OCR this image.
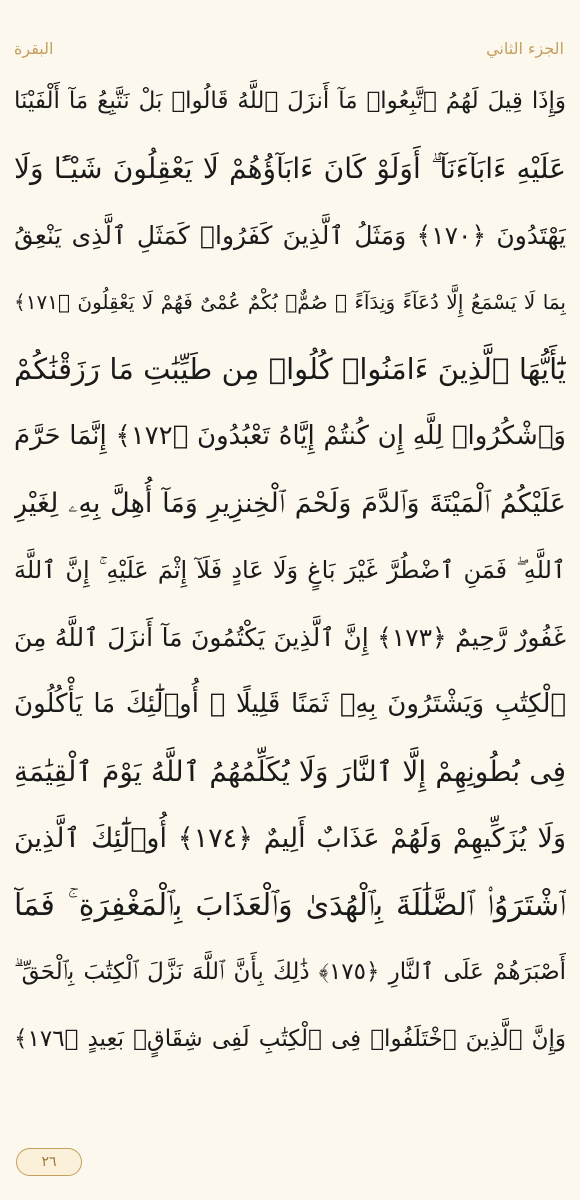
البقرة	الجزء الثاني
وَإِذَا قِيلَ لَهُمُ ٱتَّبِعُوا۟ مَآ أَنزَلَ ٱللَّهُ قَالُوا۟ بَلْ نَتَّبِعُ مَآ أَلْفَيْنَا
عَلَيْهِ ءَابَآءَنَآ ۗ أَوَلَوْ كَانَ ءَابَآؤُهُمْ لَا يَعْقِلُونَ شَيْـًٔا وَلَا
يَهْتَدُونَ ﴿١٧٠﴾ وَمَثَلُ ٱلَّذِينَ كَفَرُوا۟ كَمَثَلِ ٱلَّذِى يَنْعِقُ
بِمَا لَا يَسْمَعُ إِلَّا دُعَآءً وَنِدَآءً ۚ صُمٌّۢ بُكْمٌ عُمْىٌ فَهُمْ لَا يَعْقِلُونَ ﴿١٧١﴾
يَٰٓأَيُّهَا ٱلَّذِينَ ءَامَنُوا۟ كُلُوا۟ مِن طَيِّبَٰتِ مَا رَزَقْنَٰكُمْ
وَٱشْكُرُوا۟ لِلَّهِ إِن كُنتُمْ إِيَّاهُ تَعْبُدُونَ ﴿١٧٢﴾ إِنَّمَا حَرَّمَ
عَلَيْكُمُ ٱلْمَيْتَةَ وَٱلدَّمَ وَلَحْمَ ٱلْخِنزِيرِ وَمَآ أُهِلَّ بِهِۦ لِغَيْرِ
ٱللَّهِ ۖ فَمَنِ ٱضْطُرَّ غَيْرَ بَاغٍ وَلَا عَادٍ فَلَآ إِثْمَ عَلَيْهِ ۚ إِنَّ ٱللَّهَ
غَفُورٌ رَّحِيمٌ ﴿١٧٣﴾ إِنَّ ٱلَّذِينَ يَكْتُمُونَ مَآ أَنزَلَ ٱللَّهُ مِنَ
ٱلْكِتَٰبِ وَيَشْتَرُونَ بِهِۦ ثَمَنًا قَلِيلًا ۙ أُو۟لَٰٓئِكَ مَا يَأْكُلُونَ
فِى بُطُونِهِمْ إِلَّا ٱلنَّارَ وَلَا يُكَلِّمُهُمُ ٱللَّهُ يَوْمَ ٱلْقِيَٰمَةِ
وَلَا يُزَكِّيهِمْ وَلَهُمْ عَذَابٌ أَلِيمٌ ﴿١٧٤﴾ أُو۟لَٰٓئِكَ ٱلَّذِينَ
ٱشْتَرَوُا۟ ٱلضَّلَٰلَةَ بِٱلْهُدَىٰ وَٱلْعَذَابَ بِٱلْمَغْفِرَةِ ۚ فَمَآ
أَصْبَرَهُمْ عَلَى ٱلنَّارِ ﴿١٧٥﴾ ذَٰلِكَ بِأَنَّ ٱللَّهَ نَزَّلَ ٱلْكِتَٰبَ بِٱلْحَقِّ ۗ
وَإِنَّ ٱلَّذِينَ ٱخْتَلَفُوا۟ فِى ٱلْكِتَٰبِ لَفِى شِقَاقٍۭ بَعِيدٍ ﴿١٧٦﴾
٢٦
